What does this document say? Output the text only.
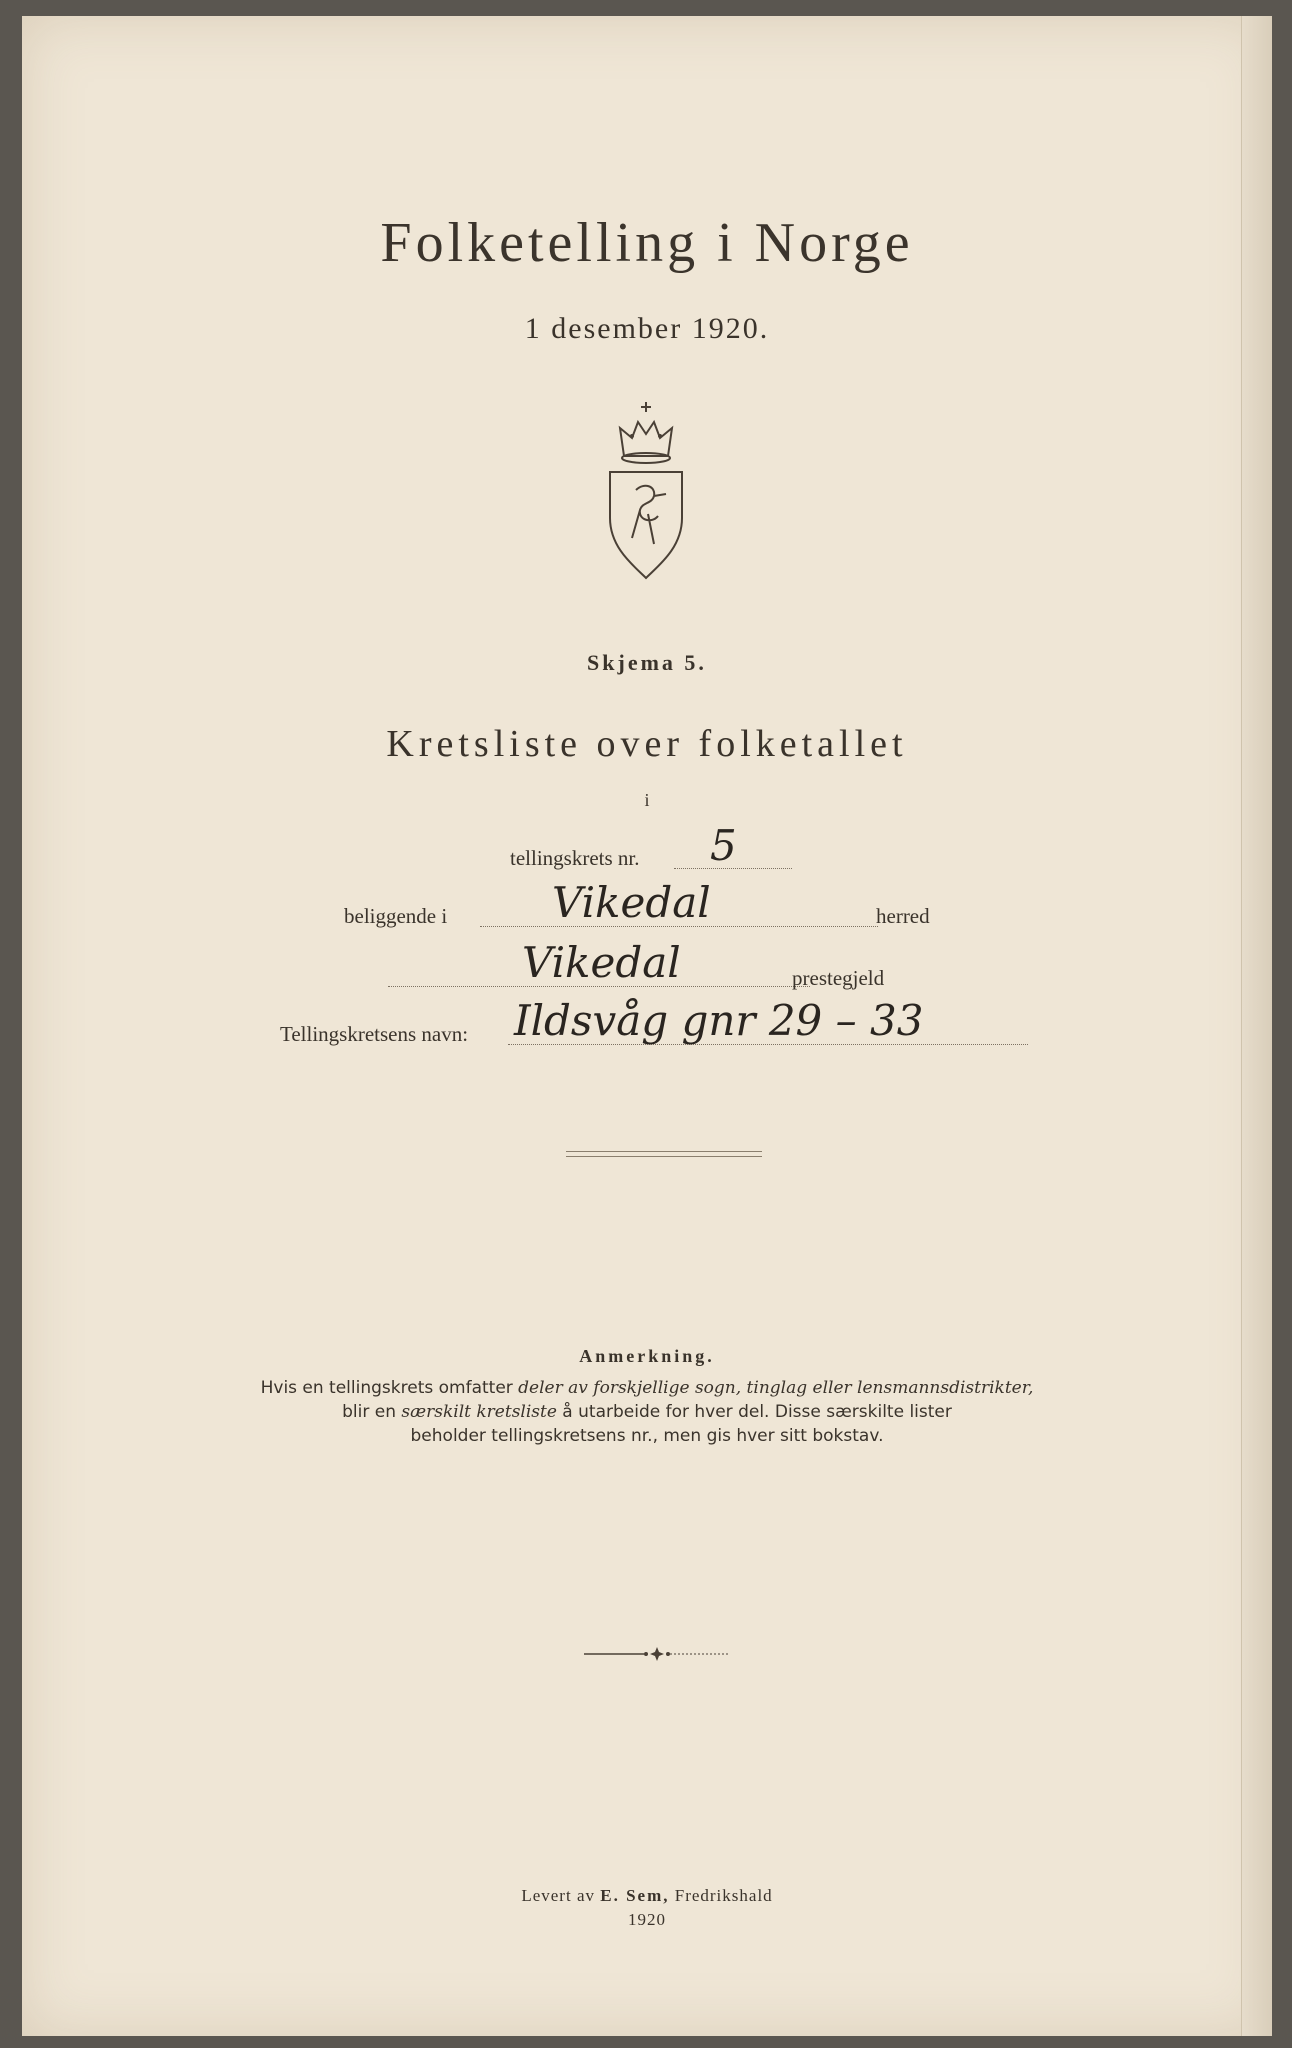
Folketelling i Norge
1 desember 1920.
Skjema 5.
Kretsliste over folketallet
i
tellingskrets nr. 5
beliggende i Vikedal	herred
Vikedal	prestegjeld
Tellingskretsens navn: Ildsvåg gnr 29 – 33
Anmerkning.
Hvis en tellingskrets omfatter deler av forskjellige sogn, tinglag eller lensmannsdistrikter,
blir en særskilt kretsliste å utarbeide for hver del. Disse særskilte lister
beholder tellingskretsens nr., men gis hver sitt bokstav.
Levert av E. Sem, Fredrikshald
1920
